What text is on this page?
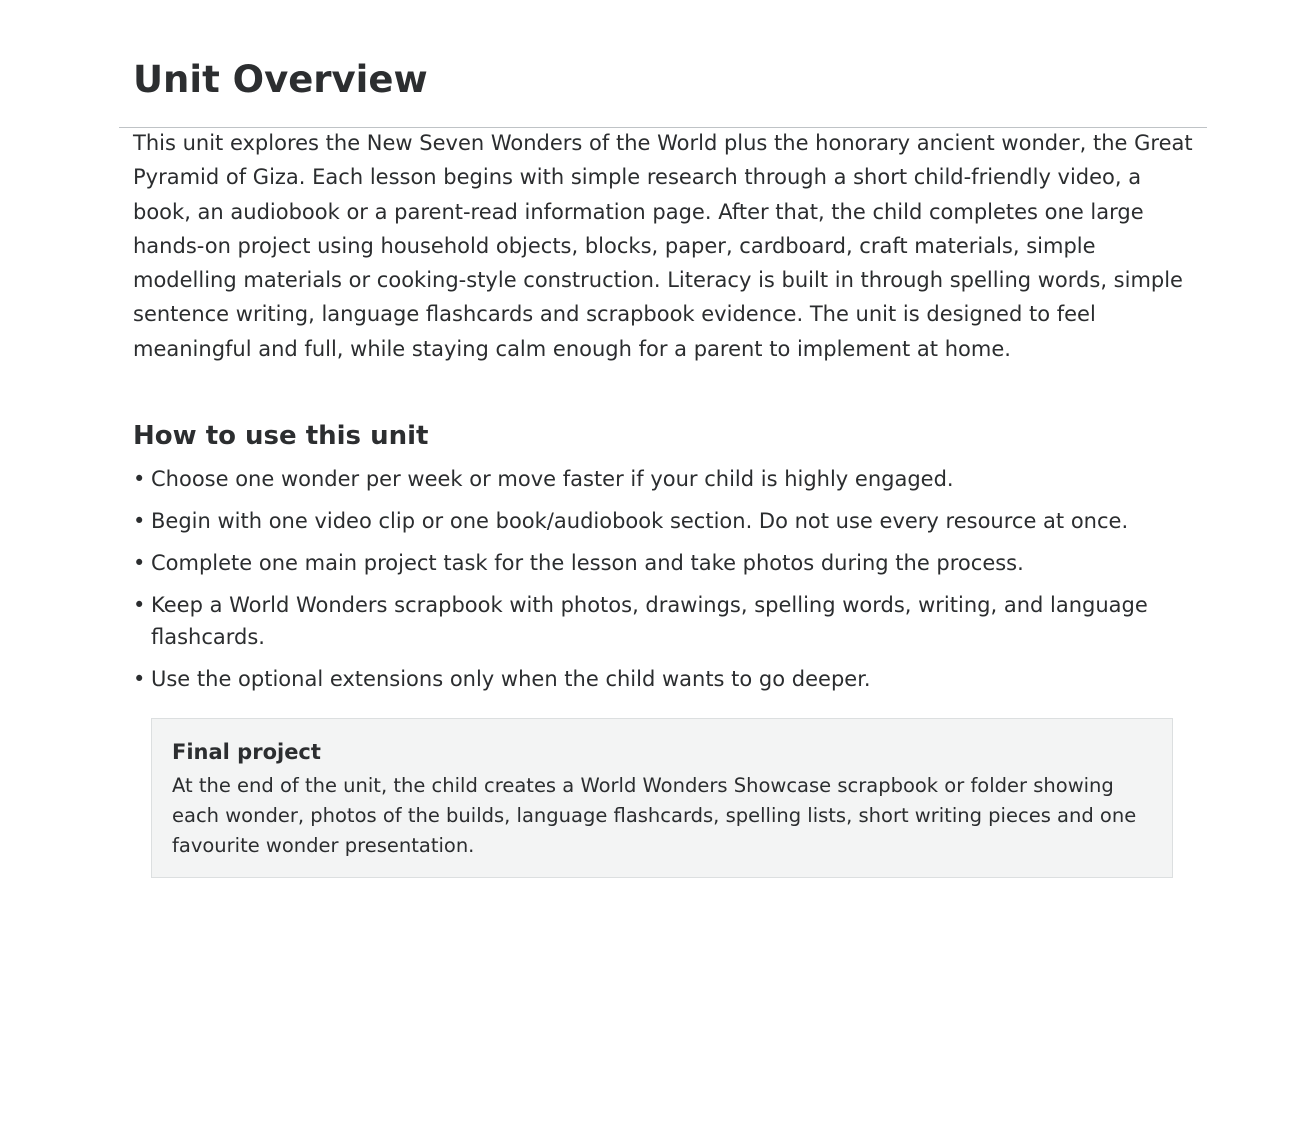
Unit Overview

This unit explores the New Seven Wonders of the World plus the honorary ancient wonder, the Great Pyramid of Giza. Each lesson begins with simple research through a short child-friendly video, a book, an audiobook or a parent-read information page. After that, the child completes one large hands-on project using household objects, blocks, paper, cardboard, craft materials, simple modelling materials or cooking-style construction. Literacy is built in through spelling words, simple sentence writing, language flashcards and scrapbook evidence. The unit is designed to feel meaningful and full, while staying calm enough for a parent to implement at home.

How to use this unit
• Choose one wonder per week or move faster if your child is highly engaged.
• Begin with one video clip or one book/audiobook section. Do not use every resource at once.
• Complete one main project task for the lesson and take photos during the process.
• Keep a World Wonders scrapbook with photos, drawings, spelling words, writing, and language flashcards.
• Use the optional extensions only when the child wants to go deeper.
Final project

At the end of the unit, the child creates a World Wonders Showcase scrapbook or folder showing each wonder, photos of the builds, language flashcards, spelling lists, short writing pieces and one favourite wonder presentation.
